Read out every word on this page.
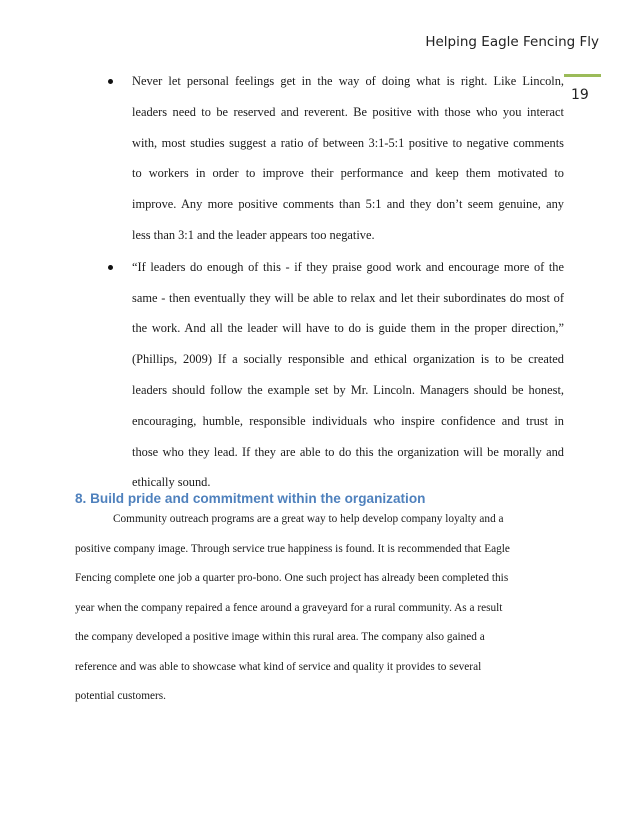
Helping Eagle Fencing Fly
19
Never let personal feelings get in the way of doing what is right. Like Lincoln,
leaders need to be reserved and reverent. Be positive with those who you interact
with, most studies suggest a ratio of between 3:1-5:1 positive to negative comments
to workers in order to improve their performance and keep them motivated to
improve. Any more positive comments than 5:1 and they don’t seem genuine, any
less than 3:1 and the leader appears too negative.
“If leaders do enough of this - if they praise good work and encourage more of the
same - then eventually they will be able to relax and let their subordinates do most of
the work. And all the leader will have to do is guide them in the proper direction,”
(Phillips, 2009) If a socially responsible and ethical organization is to be created
leaders should follow the example set by Mr. Lincoln. Managers should be honest,
encouraging, humble, responsible individuals who inspire confidence and trust in
those who they lead. If they are able to do this the organization will be morally and
ethically sound.
8. Build pride and commitment within the organization
Community outreach programs are a great way to help develop company loyalty and a
positive company image. Through service true happiness is found. It is recommended that Eagle
Fencing complete one job a quarter pro-bono. One such project has already been completed this
year when the company repaired a fence around a graveyard for a rural community. As a result
the company developed a positive image within this rural area. The company also gained a
reference and was able to showcase what kind of service and quality it provides to several
potential customers.
